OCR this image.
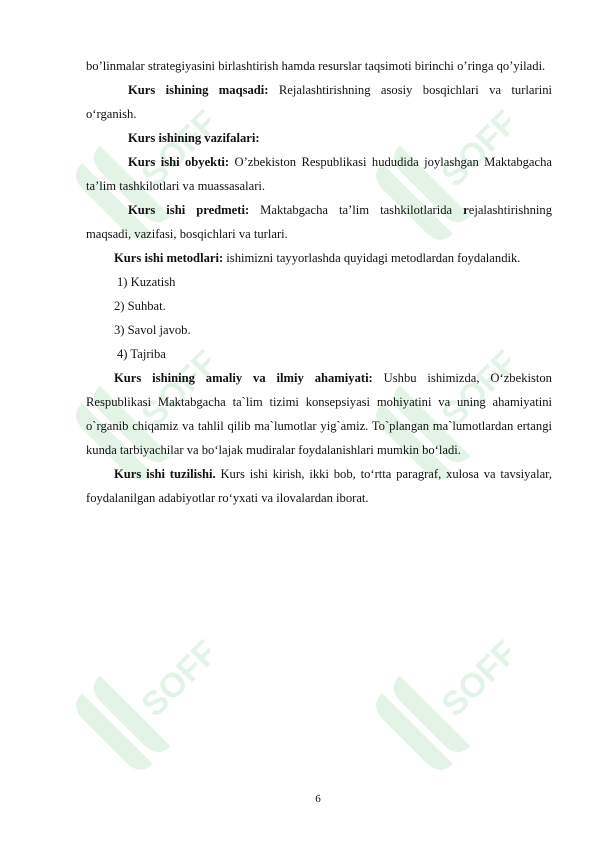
SOFF	SOFF
SOFF	SOFF
SOFF	SOFF

bo’linmalar strategiyasini birlashtirish hamda resurslar taqsimoti birinchi o’ringa qo’yiladi.

Kurs ishining maqsadi: Rejalashtirishning asosiy bosqichlari va turlarini o‘rganish.

Kurs ishining vazifalari:

Kurs ishi obyekti: O’zbekiston Respublikasi hududida joylashgan Maktabgacha ta’lim tashkilotlari va muassasalari.

Kurs ishi predmeti: Maktabgacha ta’lim tashkilotlarida rejalashtirishning maqsadi, vazifasi, bosqichlari va turlari.

Kurs ishi metodlari: ishimizni tayyorlashda quyidagi metodlardan foydalandik.

1) Kuzatish

2) Suhbat.

3) Savol javob.

4) Tajriba

Kurs ishining amaliy va ilmiy ahamiyati: Ushbu ishimizda, O‘zbekiston Respublikasi Maktabgacha ta`lim tizimi konsepsiyasi mohiyatini va uning ahamiyatini o`rganib chiqamiz va tahlil qilib ma`lumotlar yig`amiz. To`plangan ma`lumotlardan ertangi kunda tarbiyachilar va bo‘lajak mudiralar foydalanishlari mumkin bo‘ladi.

Kurs ishi tuzilishi. Kurs ishi kirish, ikki bob, to‘rtta paragraf, xulosa va tavsiyalar, foydalanilgan adabiyotlar ro‘yxati va ilovalardan iborat.

6
